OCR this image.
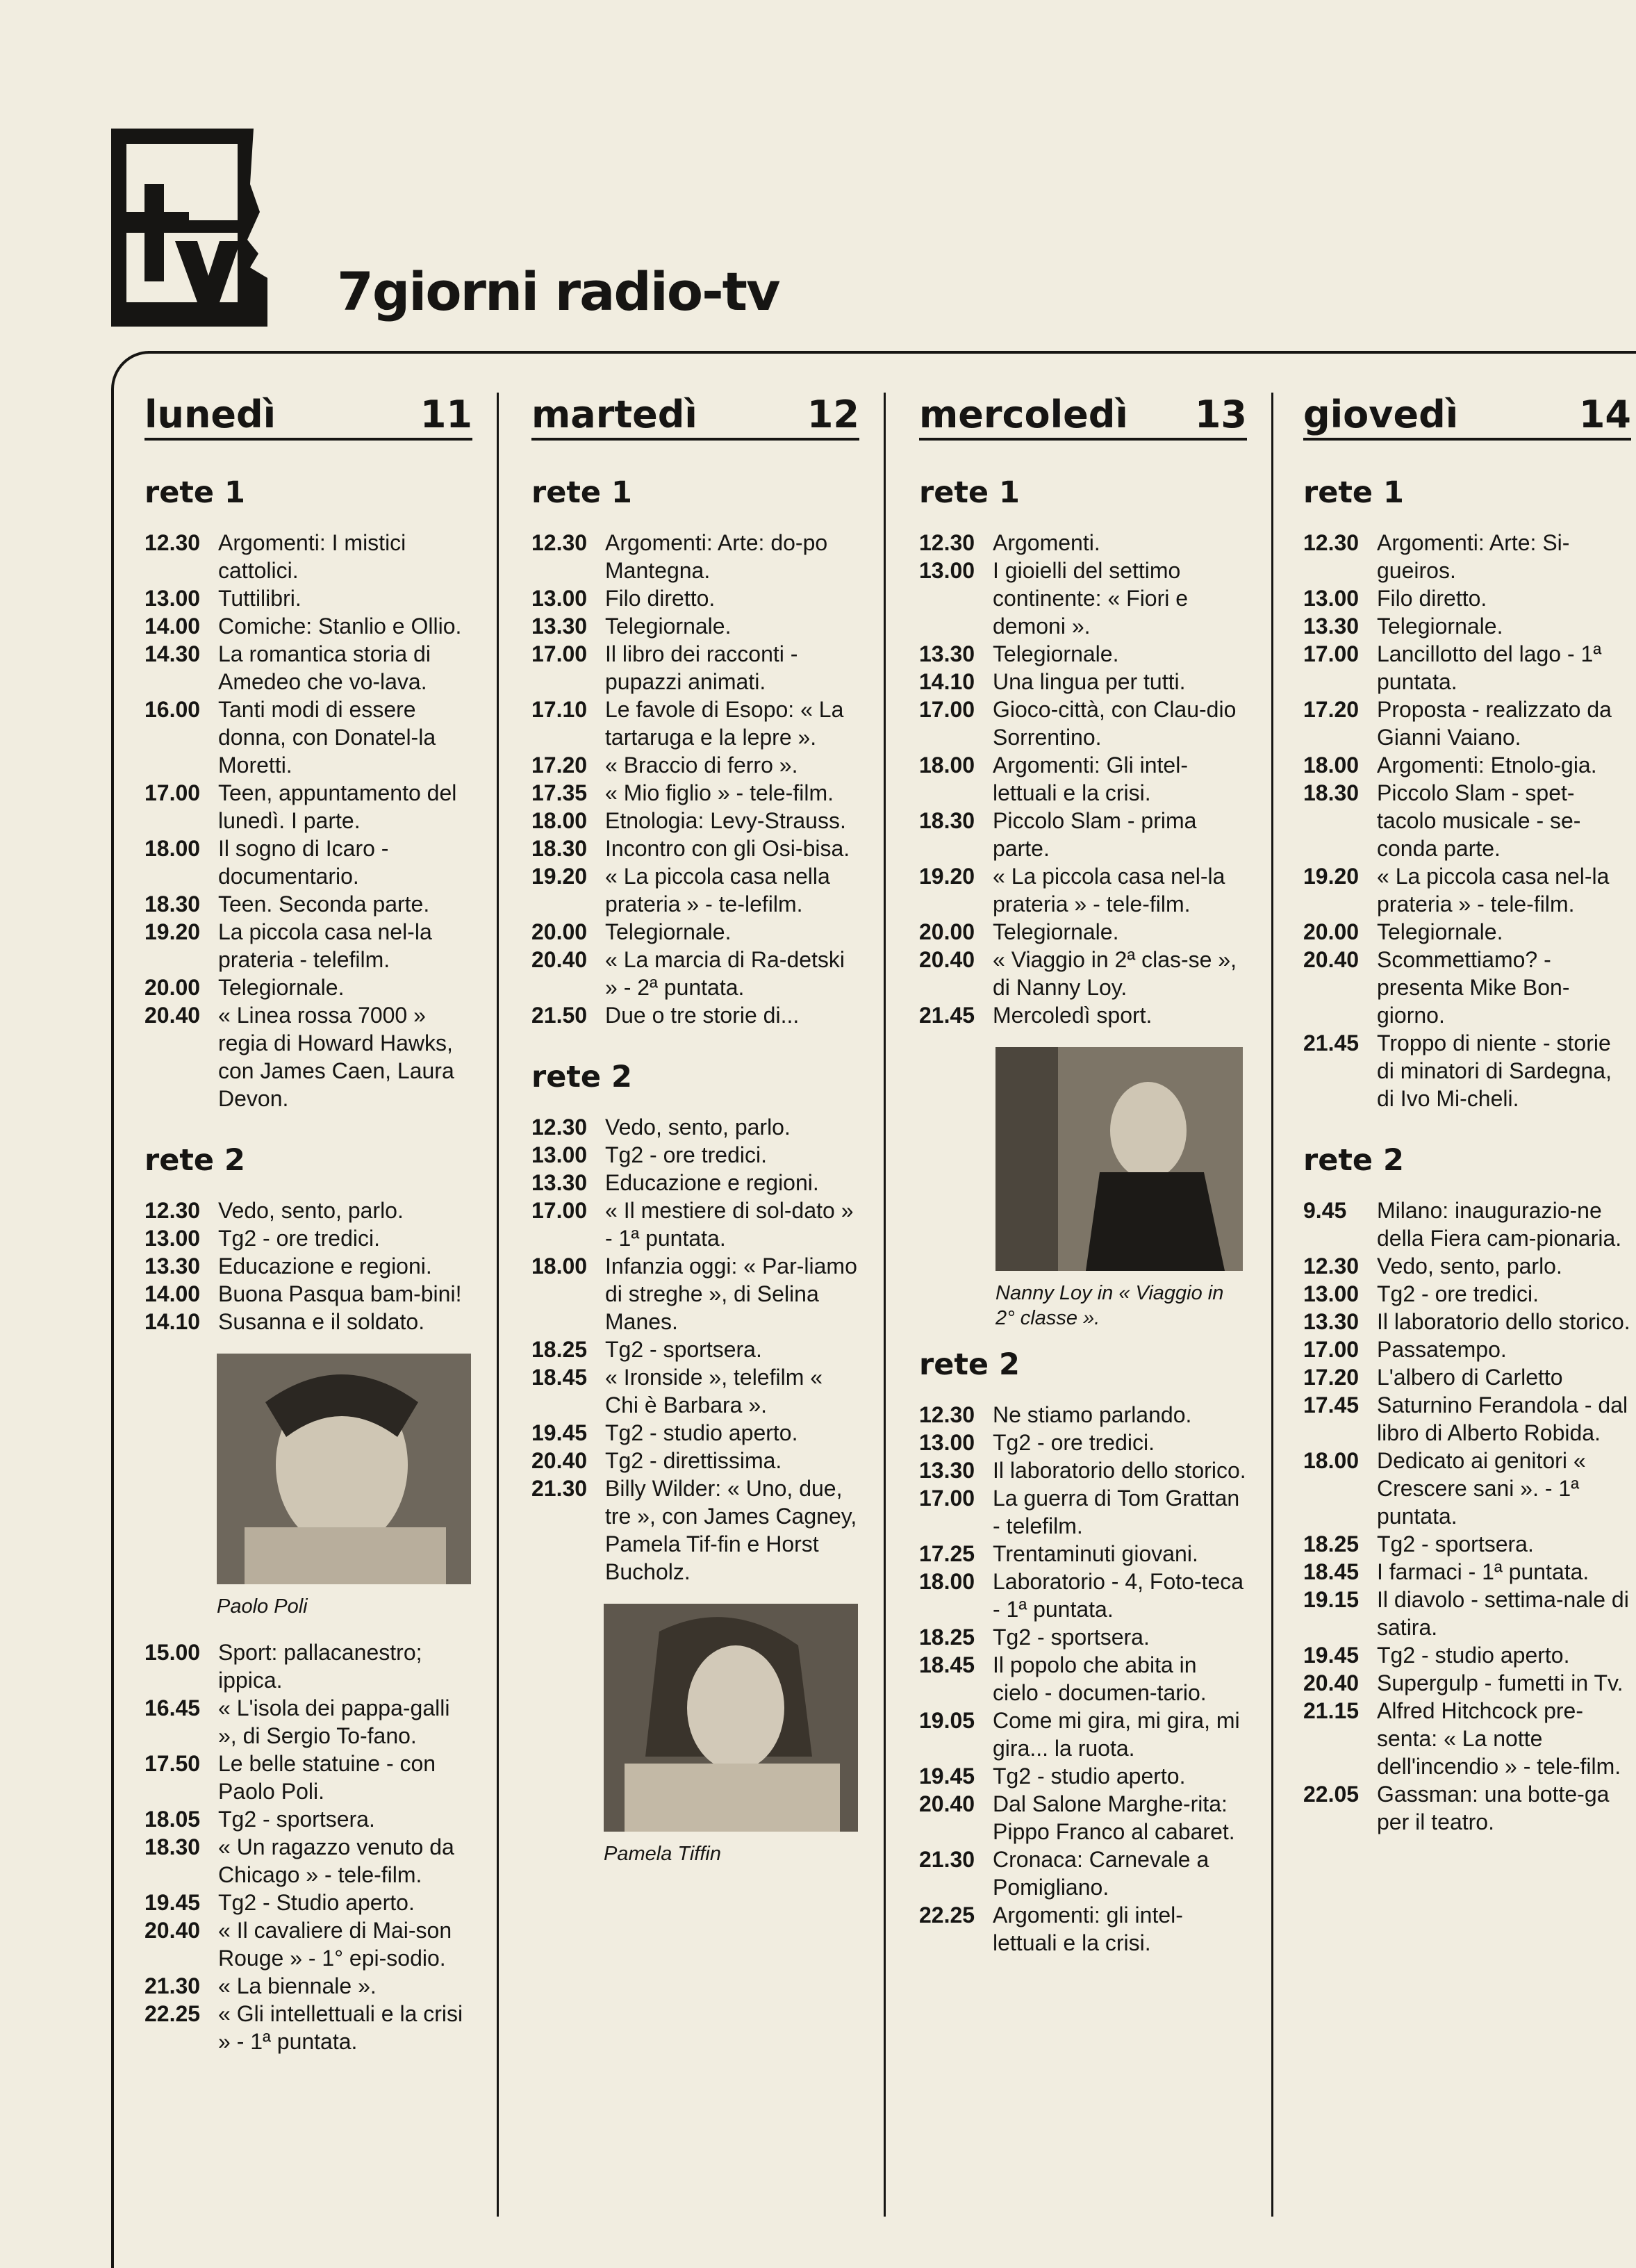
7giorni radio-tv
lunedì	11
rete 1
12.30 Argomenti: I mistici cattolici.
13.00 Tuttilibri.
14.00 Comiche: Stanlio e Ollio.
14.30 La romantica storia di Amedeo che vo-lava.
16.00 Tanti modi di essere donna, con Donatel-la Moretti.
17.00 Teen, appuntamento del lunedì. I parte.
18.00 Il sogno di Icaro - documentario.
18.30 Teen. Seconda parte.
19.20 La piccola casa nel-la prateria - telefilm.
20.00 Telegiornale.
20.40 « Linea rossa 7000 » regia di Howard Hawks, con James Caen, Laura Devon.
rete 2
12.30 Vedo, sento, parlo.
13.00 Tg2 - ore tredici.
13.30 Educazione e regioni.
14.00 Buona Pasqua bam-bini!
14.10 Susanna e il soldato.
Paolo Poli
15.00 Sport: pallacanestro; ippica.
16.45 « L'isola dei pappa-galli », di Sergio To-fano.
17.50 Le belle statuine - con Paolo Poli.
18.05 Tg2 - sportsera.
18.30 « Un ragazzo venuto da Chicago » - tele-film.
19.45 Tg2 - Studio aperto.
20.40 « Il cavaliere di Mai-son Rouge » - 1° epi-sodio.
21.30 « La biennale ».
22.25 « Gli intellettuali e la crisi » - 1ª puntata.
martedì	12
rete 1
12.30 Argomenti: Arte: do-po Mantegna.
13.00 Filo diretto.
13.30 Telegiornale.
17.00 Il libro dei racconti - pupazzi animati.
17.10 Le favole di Esopo: « La tartaruga e la lepre ».
17.20 « Braccio di ferro ».
17.35 « Mio figlio » - tele-film.
18.00 Etnologia: Levy-Strauss.
18.30 Incontro con gli Osi-bisa.
19.20 « La piccola casa nella prateria » - te-lefilm.
20.00 Telegiornale.
20.40 « La marcia di Ra-detski » - 2ª puntata.
21.50 Due o tre storie di...
rete 2
12.30 Vedo, sento, parlo.
13.00 Tg2 - ore tredici.
13.30 Educazione e regioni.
17.00 « Il mestiere di sol-dato » - 1ª puntata.
18.00 Infanzia oggi: « Par-liamo di streghe », di Selina Manes.
18.25 Tg2 - sportsera.
18.45 « Ironside », telefilm « Chi è Barbara ».
19.45 Tg2 - studio aperto.
20.40 Tg2 - direttissima.
21.30 Billy Wilder: « Uno, due, tre », con James Cagney, Pamela Tif-fin e Horst Bucholz.
Pamela Tiffin
mercoledì 13
rete 1
12.30 Argomenti.
13.00 I gioielli del settimo continente: « Fiori e demoni ».
13.30 Telegiornale.
14.10 Una lingua per tutti.
17.00 Gioco-città, con Clau-dio Sorrentino.
18.00 Argomenti: Gli intel-lettuali e la crisi.
18.30 Piccolo Slam - prima parte.
19.20 « La piccola casa nel-la prateria » - tele-film.
20.00 Telegiornale.
20.40 « Viaggio in 2ª clas-se », di Nanny Loy.
21.45 Mercoledì sport.
Nanny Loy in « Viaggio in 2° classe ».
rete 2
12.30 Ne stiamo parlando.
13.00 Tg2 - ore tredici.
13.30 Il laboratorio dello storico.
17.00 La guerra di Tom Grattan - telefilm.
17.25 Trentaminuti giovani.
18.00 Laboratorio - 4, Foto-teca - 1ª puntata.
18.25 Tg2 - sportsera.
18.45 Il popolo che abita in cielo - documen-tario.
19.05 Come mi gira, mi gira, mi gira... la ruota.
19.45 Tg2 - studio aperto.
20.40 Dal Salone Marghe-rita: Pippo Franco al cabaret.
21.30 Cronaca: Carnevale a Pomigliano.
22.25 Argomenti: gli intel-lettuali e la crisi.
giovedì	14
rete 1
12.30 Argomenti: Arte: Si-gueiros.
13.00 Filo diretto.
13.30 Telegiornale.
17.00 Lancillotto del lago - 1ª puntata.
17.20 Proposta - realizzato da Gianni Vaiano.
18.00 Argomenti: Etnolo-gia.
18.30 Piccolo Slam - spet-tacolo musicale - se-conda parte.
19.20 « La piccola casa nel-la prateria » - tele-film.
20.00 Telegiornale.
20.40 Scommettiamo? - presenta Mike Bon-giorno.
21.45 Troppo di niente - storie di minatori di Sardegna, di Ivo Mi-cheli.
rete 2
9.45	Milano: inaugurazio-ne della Fiera cam-pionaria.
12.30 Vedo, sento, parlo.
13.00 Tg2 - ore tredici.
13.30 Il laboratorio dello storico.
17.00 Passatempo.
17.20 L'albero di Carletto
17.45 Saturnino Ferandola - dal libro di Alberto Robida.
18.00 Dedicato ai genitori « Crescere sani ». - 1ª puntata.
18.25 Tg2 - sportsera.
18.45 I farmaci - 1ª puntata.
19.15 Il diavolo - settima-nale di satira.
19.45 Tg2 - studio aperto.
20.40 Supergulp - fumetti in Tv.
21.15 Alfred Hitchcock pre-senta: « La notte dell'incendio » - tele-film.
22.05 Gassman: una botte-ga per il teatro.
